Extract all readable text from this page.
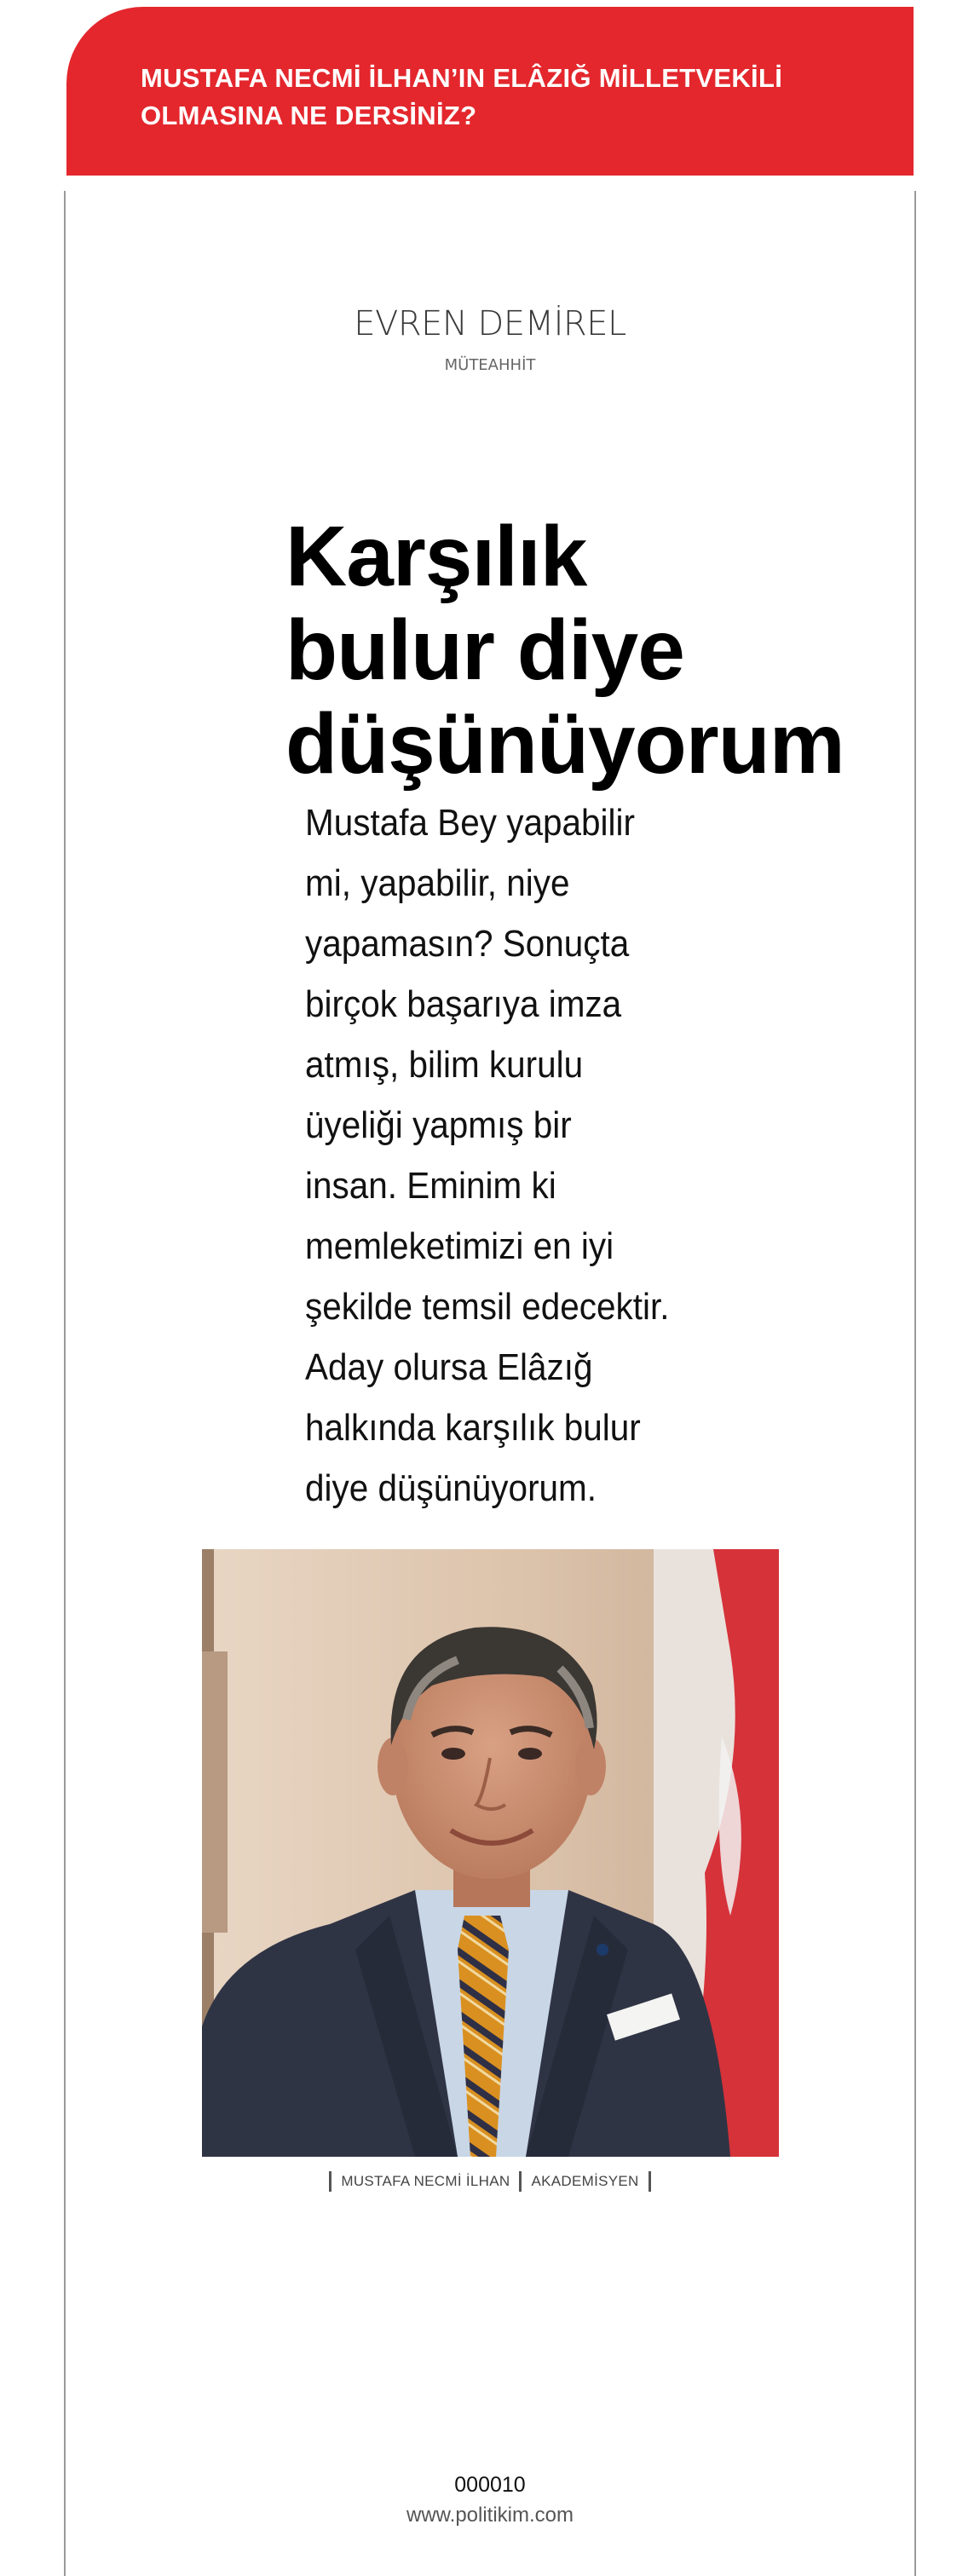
MUSTAFA NECMİ İLHAN’IN ELÂZIĞ MİLLETVEKİLİ
OLMASINA NE DERSİNİZ?
EVREN DEMİREL
MÜTEAHHİT
Karşılık
bulur diye
düşünüyorum
Mustafa Bey yapabilir
mi, yapabilir, niye
yapamasın? Sonuçta
birçok başarıya imza
atmış, bilim kurulu
üyeliği yapmış bir
insan. Eminim ki
memleketimizi en iyi
şekilde temsil edecektir.
Aday olursa Elâzığ
halkında karşılık bulur
diye düşünüyorum.
MUSTAFA NECMİ İLHAN AKADEMİSYEN
000010
www.politikim.com
